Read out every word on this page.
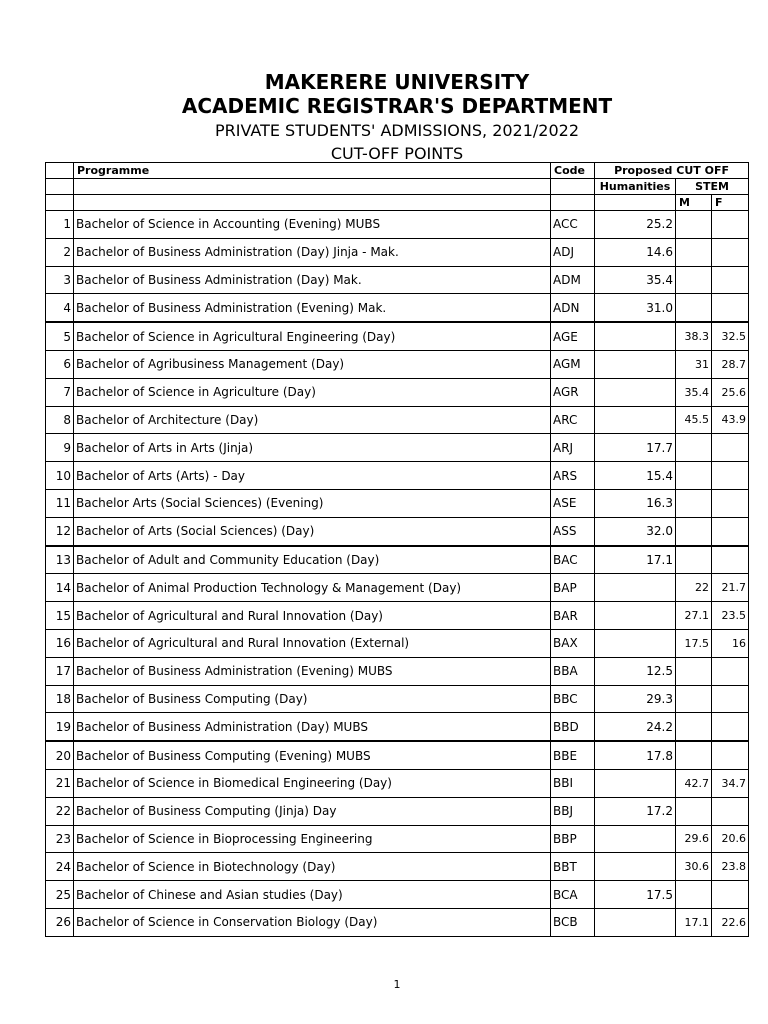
MAKERERE UNIVERSITY
ACADEMIC REGISTRAR'S DEPARTMENT
PRIVATE STUDENTS' ADMISSIONS, 2021/2022
CUT-OFF POINTS
	Programme	Code	Proposed CUT OFF		
			Humanities	STEM	
				M	F
1	Bachelor of Science in Accounting (Evening) MUBS	ACC	25.2		
2	Bachelor of Business Administration (Day) Jinja - Mak.	ADJ	14.6		
3	Bachelor of Business Administration (Day) Mak.	ADM	35.4		
4	Bachelor of Business Administration (Evening) Mak.	ADN	31.0		
5	Bachelor of Science in Agricultural Engineering (Day)	AGE		38.3	32.5
6	Bachelor of Agribusiness Management (Day)	AGM		31	28.7
7	Bachelor of Science in Agriculture (Day)	AGR		35.4	25.6
8	Bachelor of Architecture (Day)	ARC		45.5	43.9
9	Bachelor of Arts in Arts (Jinja)	ARJ	17.7		
10	Bachelor of Arts (Arts) - Day	ARS	15.4		
11	Bachelor Arts (Social Sciences) (Evening)	ASE	16.3		
12	Bachelor of Arts (Social Sciences) (Day)	ASS	32.0		
13	Bachelor of Adult and Community Education (Day)	BAC	17.1		
14	Bachelor of Animal Production Technology & Management (Day)	BAP		22	21.7
15	Bachelor of Agricultural and Rural Innovation (Day)	BAR		27.1	23.5
16	Bachelor of Agricultural and Rural Innovation (External)	BAX		17.5	16
17	Bachelor of Business Administration (Evening) MUBS	BBA	12.5		
18	Bachelor of Business Computing (Day)	BBC	29.3		
19	Bachelor of Business Administration (Day) MUBS	BBD	24.2		
20	Bachelor of Business Computing (Evening) MUBS	BBE	17.8		
21	Bachelor of Science in Biomedical Engineering (Day)	BBI		42.7	34.7
22	Bachelor of Business Computing (Jinja) Day	BBJ	17.2		
23	Bachelor of Science in Bioprocessing Engineering	BBP		29.6	20.6
24	Bachelor of Science in Biotechnology (Day)	BBT		30.6	23.8
25	Bachelor of Chinese and Asian studies (Day)	BCA	17.5		
26	Bachelor of Science in Conservation Biology (Day)	BCB		17.1	22.6
1
